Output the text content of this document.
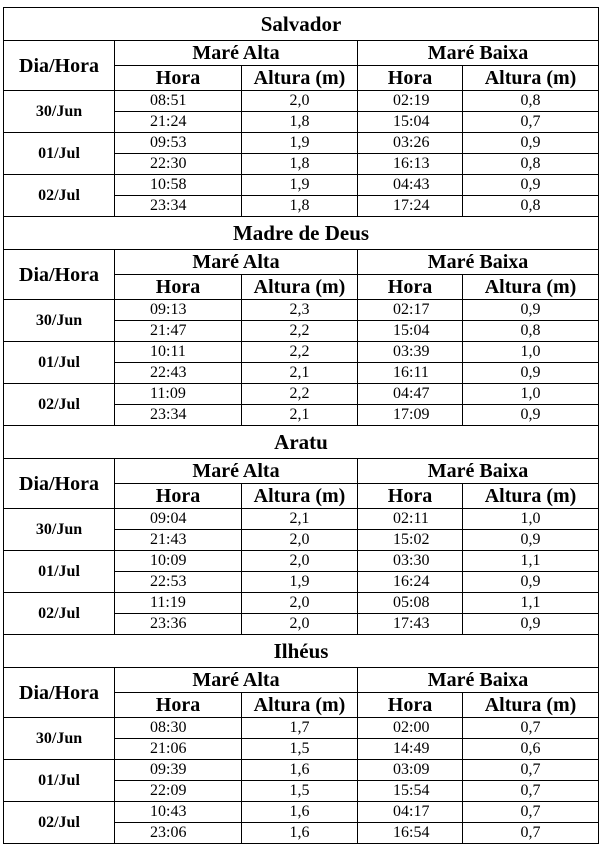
Salvador				
Dia/Hora	Maré Alta		Maré Baixa	
	Hora	Altura (m)	Hora	Altura (m)
30/Jun	08:51	2,0	02:19	0,8
	21:24	1,8	15:04	0,7
01/Jul	09:53	1,9	03:26	0,9
	22:30	1,8	16:13	0,8
02/Jul	10:58	1,9	04:43	0,9
	23:34	1,8	17:24	0,8
Madre de Deus				
Dia/Hora	Maré Alta		Maré Baixa	
	Hora	Altura (m)	Hora	Altura (m)
30/Jun	09:13	2,3	02:17	0,9
	21:47	2,2	15:04	0,8
01/Jul	10:11	2,2	03:39	1,0
	22:43	2,1	16:11	0,9
02/Jul	11:09	2,2	04:47	1,0
	23:34	2,1	17:09	0,9
Aratu				
Dia/Hora	Maré Alta		Maré Baixa	
	Hora	Altura (m)	Hora	Altura (m)
30/Jun	09:04	2,1	02:11	1,0
	21:43	2,0	15:02	0,9
01/Jul	10:09	2,0	03:30	1,1
	22:53	1,9	16:24	0,9
02/Jul	11:19	2,0	05:08	1,1
	23:36	2,0	17:43	0,9
Ilhéus				
Dia/Hora	Maré Alta		Maré Baixa	
	Hora	Altura (m)	Hora	Altura (m)
30/Jun	08:30	1,7	02:00	0,7
	21:06	1,5	14:49	0,6
01/Jul	09:39	1,6	03:09	0,7
	22:09	1,5	15:54	0,7
02/Jul	10:43	1,6	04:17	0,7
	23:06	1,6	16:54	0,7
